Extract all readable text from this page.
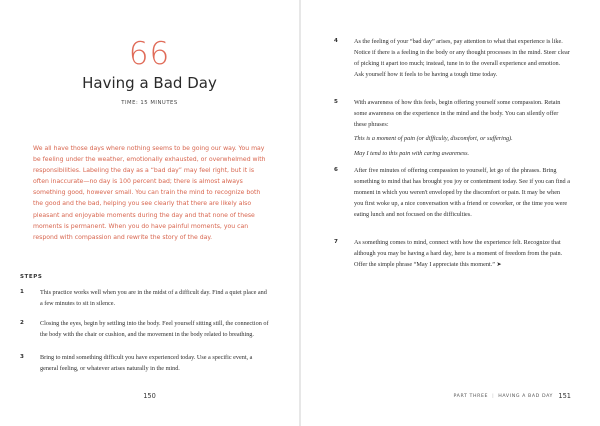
66
Having a Bad Day
TIME: 15 MINUTES

We all have those days where nothing seems to be going our way. You may be feeling under the weather, emotionally exhausted, or overwhelmed with responsibilities. Labeling the day as a “bad day” may feel right, but it is often inaccurate—no day is 100 percent bad; there is almost always something good, however small. You can train the mind to recognize both the good and the bad, helping you see clearly that there are likely also pleasant and enjoyable moments during the day and that none of these moments is permanent. When you do have painful moments, you can respond with compassion and rewrite the story of the day.

STEPS
1	This practice works well when you are in the midst of a difficult day. Find a quiet place and a few minutes to sit in silence.
2	Closing the eyes, begin by settling into the body. Feel yourself sitting still, the connection of the body with the chair or cushion, and the movement in the body related to breathing.
3	Bring to mind something difficult you have experienced today. Use a specific event, a general feeling, or whatever arises naturally in the mind.
150
4	As the feeling of your “bad day” arises, pay attention to what that experience is like. Notice if there is a feeling in the body or any thought processes in the mind. Steer clear of picking it apart too much; instead, tune in to the overall experience and emotion. Ask yourself how it feels to be having a tough time today.
5	With awareness of how this feels, begin offering yourself some compassion. Retain some awareness on the experience in the mind and the body. You can silently offer these phrases:
This is a moment of pain (or difficulty, discomfort, or suffering).
May I tend to this pain with caring awareness.
6	After five minutes of offering compassion to yourself, let go of the phrases. Bring something to mind that has brought you joy or contentment today. See if you can find a moment in which you weren't enveloped by the discomfort or pain. It may be when you first woke up, a nice conversation with a friend or coworker, or the time you were eating lunch and not focused on the difficulties.
7	As something comes to mind, connect with how the experience felt. Recognize that although you may be having a hard day, here is a moment of freedom from the pain. Offer the simple phrase “May I appreciate this moment.” ➤
PART THREE | HAVING A BAD DAY 151
